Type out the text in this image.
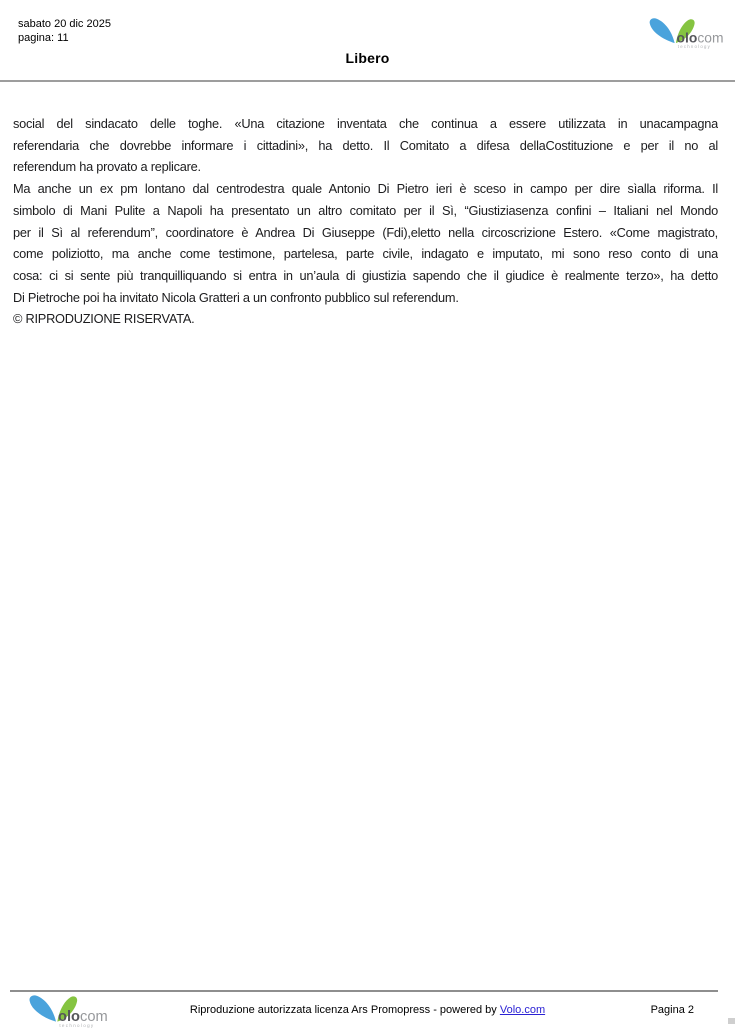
sabato 20 dic 2025
pagina: 11	olocom
technology
Libero
social del sindacato delle toghe. «Una citazione inventata che continua a essere utilizzata in unacampagna
referendaria che dovrebbe informare i cittadini», ha detto. Il Comitato a difesa dellaCostituzione e per il no al
referendum ha provato a replicare.
Ma anche un ex pm lontano dal centrodestra quale Antonio Di Pietro ieri è sceso in campo per dire sìalla riforma. Il
simbolo di Mani Pulite a Napoli ha presentato un altro comitato per il Sì, “Giustiziasenza confini – Italiani nel Mondo
per il Sì al referendum”, coordinatore è Andrea Di Giuseppe (Fdi),eletto nella circoscrizione Estero. «Come magistrato,
come poliziotto, ma anche come testimone, partelesa, parte civile, indagato e imputato, mi sono reso conto di una
cosa: ci si sente più tranquilliquando si entra in un’aula di giustizia sapendo che il giudice è realmente terzo», ha detto
Di Pietroche poi ha invitato Nicola Gratteri a un confronto pubblico sul referendum.
© RIPRODUZIONE RISERVATA.
olocom
technology
Riproduzione autorizzata licenza Ars Promopress - powered by Volo.com	Pagina 2
